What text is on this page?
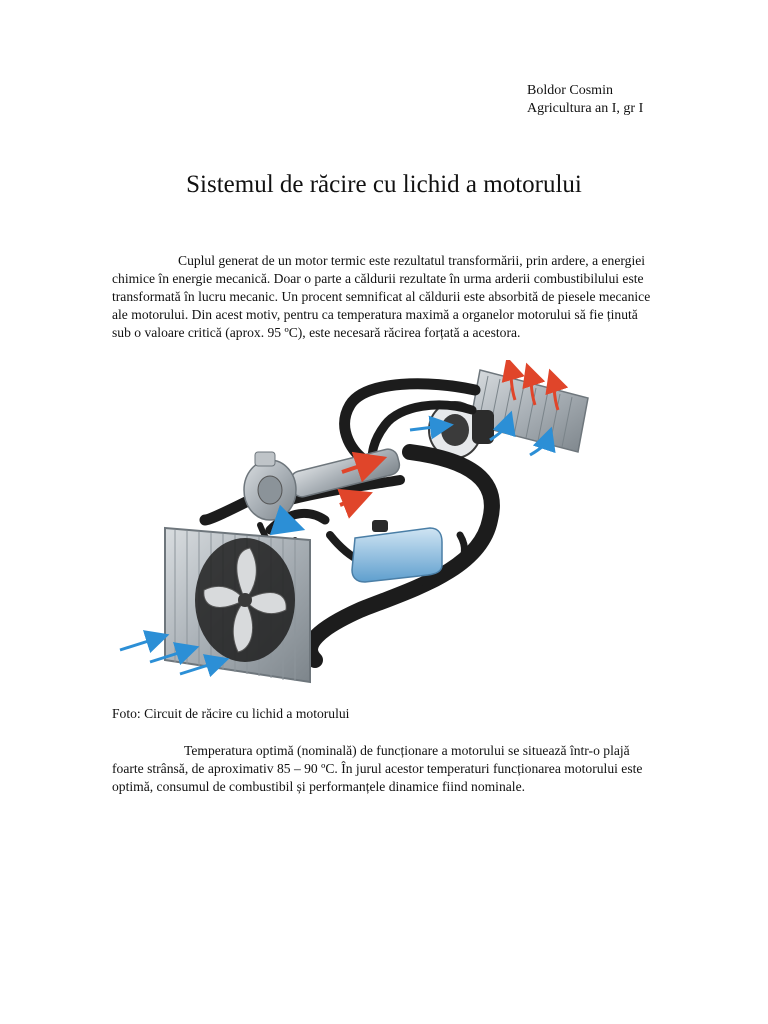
Boldor Cosmin
Agricultura an I, gr I
Sistemul de răcire cu lichid a motorului

Cuplul generat de un motor termic este rezultatul transformării, prin ardere, a energiei chimice în energie mecanică. Doar o parte a căldurii rezultate în urma arderii combustibilului este transformată în lucru mecanic. Un procent semnificat al căldurii este absorbită de piesele mecanice ale motorului. Din acest motiv, pentru ca temperatura maximă a organelor motorului să fie ținută sub o valoare critică (aprox. 95 ºC), este necesară răcirea forțată a acestora.

Foto: Circuit de răcire cu lichid a motorului

Temperatura optimă (nominală) de funcționare a motorului se situează într-o plajă foarte strânsă, de aproximativ 85 – 90 ºC. În jurul acestor temperaturi funcționarea motorului este optimă, consumul de combustibil și performanțele dinamice fiind nominale.
